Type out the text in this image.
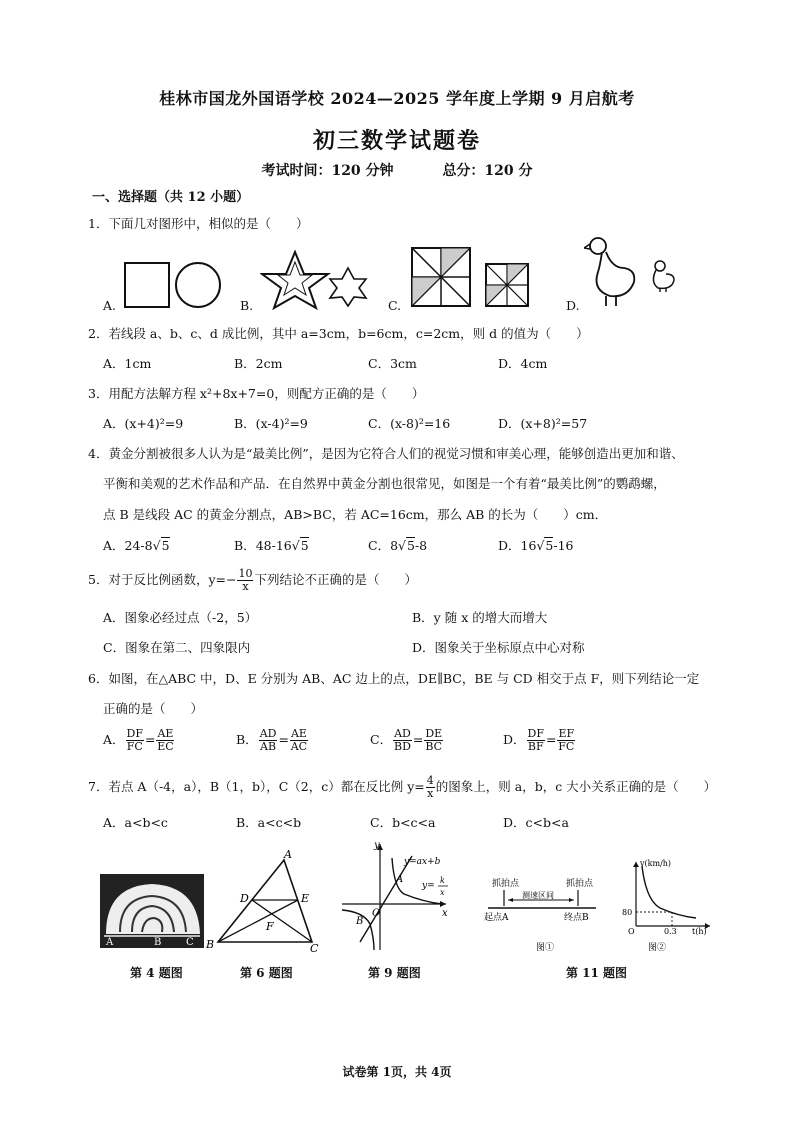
桂林市国龙外国语学校 2024—2025 学年度上学期 9 月启航考
初三数学试题卷
考试时间：120 分钟	总分：120 分
一、选择题（共 12 小题）
1．下面几对图形中，相似的是（　　）
A.	B.	C.	D.
2．若线段 a、b、c、d 成比例，其中 a=3cm，b=6cm，c=2cm，则 d 的值为（　　）
A．1cm	B．2cm	C．3cm	D．4cm
3．用配方法解方程 x²+8x+7=0，则配方正确的是（　　）
A．(x+4)²=9	B．(x-4)²=9	C．(x-8)²=16	D．(x+8)²=57
4．黄金分割被很多人认为是“最美比例”，是因为它符合人们的视觉习惯和审美心理，能够创造出更加和谐、
平衡和美观的艺术作品和产品．在自然界中黄金分割也很常见，如图是一个有着“最美比例”的鹦鹉螺，
点 B 是线段 AC 的黄金分割点，AB>BC，若 AC=16cm，那么 AB 的长为（　　）cm．
A．24-8√5	B．48-16√5	C．8√5-8	D．16√5-16
5．对于反比例函数，$y=- \frac{10}{x}$ 下列结论不正确的是（　　）
A．图象必经过点（-2，5）	B．y 随 x 的增大而增大
C．图象在第二、四象限内	D．图象关于坐标原点中心对称
6．如图，在△ABC 中，D、E 分别为 AB、AC 边上的点，DE∥BC，BE 与 CD 相交于点 F，则下列结论一定
正确的是（　　）
A． $\frac{DF}{FC} = \frac{AE}{EC}$	B． $\frac{AD}{AB} = \frac{AE}{AC}$	C． $\frac{AD}{BD} = \frac{DE}{BC}$	D． $\frac{DF}{BF} = \frac{EF}{FC}$
7．若点 A（-4，a），B（1，b），C（2，c）都在反比例 $y= \frac{4}{x}$ 的图象上，则 a，b，c 大小关系正确的是（　　）
A．a<b<c	B．a<c<b	C．b<c<a	D．c<b<a
A	B C
A
D	E
F
B	C
y
y=ax+b
y=
k
x
A
B
O	x
抓拍点	抓拍点
测速区间
起点A	终点B
图①
v(km/h)
80
O	0.3 t(h)
图②
第 4 题图	第 6 题图	第 9 题图	第 11 题图
试卷第 1页，共 4页
